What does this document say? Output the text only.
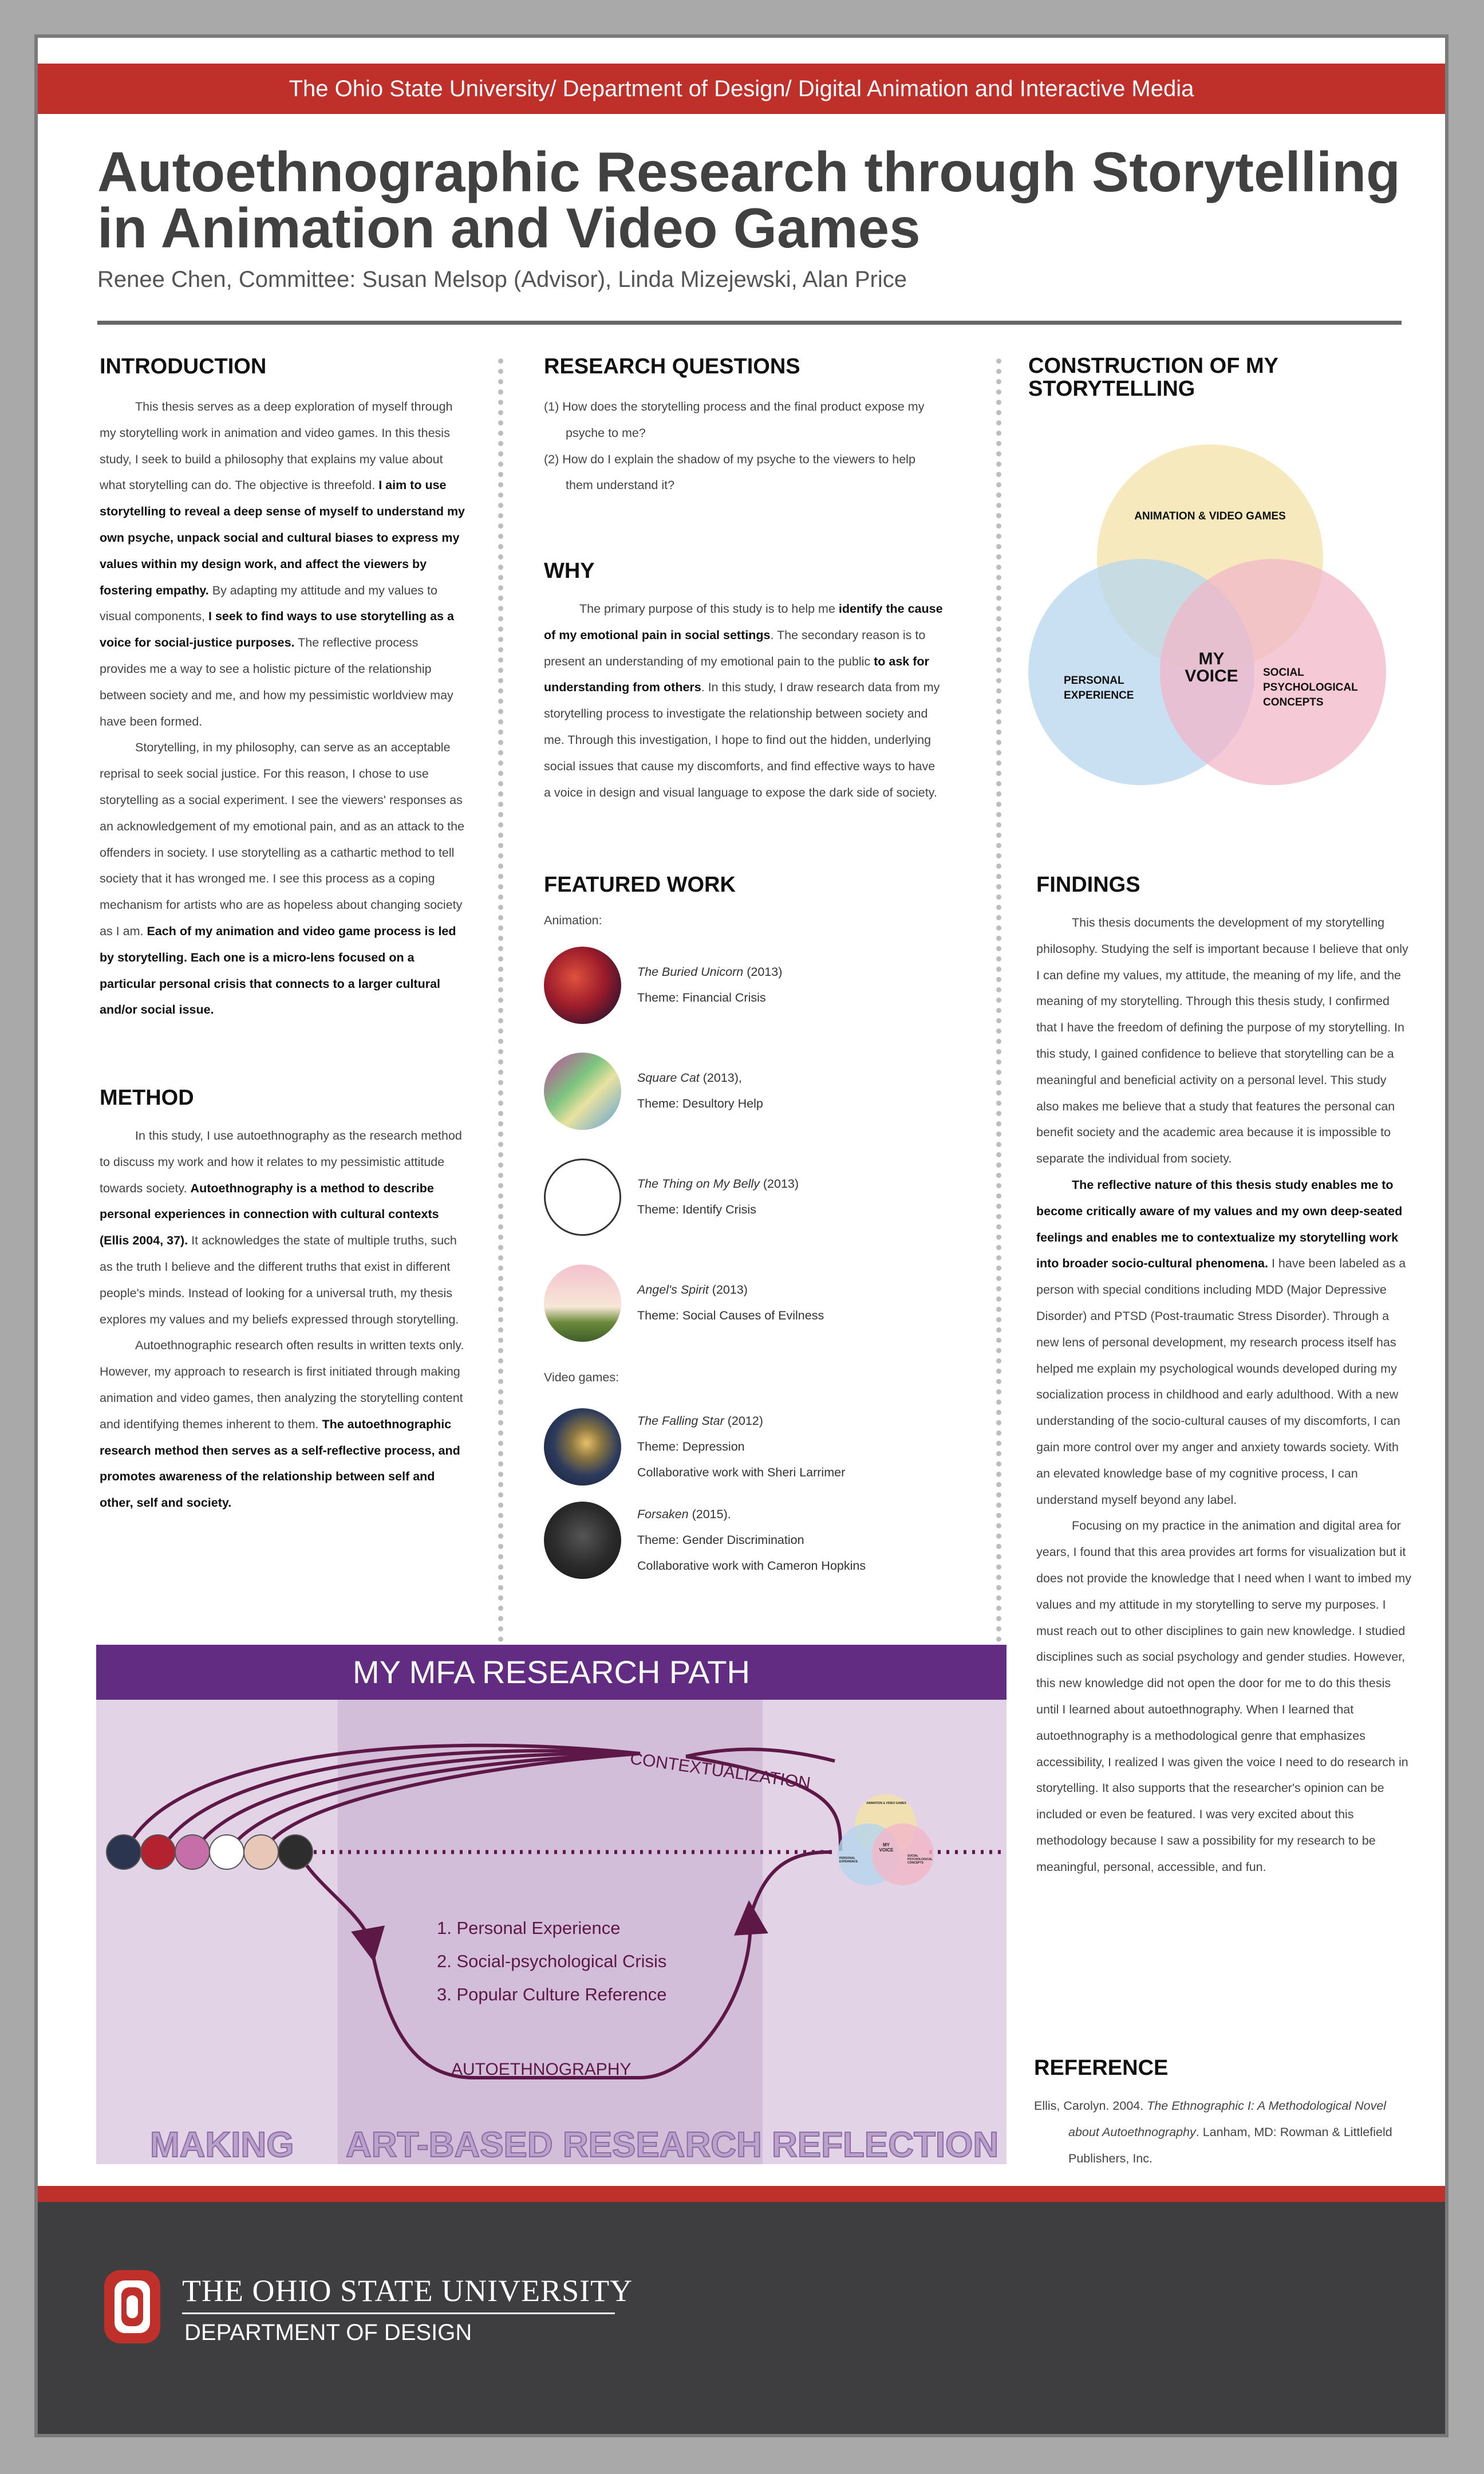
The Ohio State University/ Department of Design/ Digital Animation and Interactive Media
Autoethnographic Research through Storytelling
in Animation and Video Games
Renee Chen, Committee: Susan Melsop (Advisor), Linda Mizejewski, Alan Price
INTRODUCTION

This thesis serves as a deep exploration of myself through my storytelling work in animation and video games. In this thesis study, I seek to build a philosophy that explains my value about what storytelling can do. The objective is threefold. I aim to use storytelling to reveal a deep sense of myself to understand my own psyche, unpack social and cultural biases to express my values within my design work, and affect the viewers by fostering empathy. By adapting my attitude and my values to visual components, I seek to find ways to use storytelling as a voice for social-justice purposes. The reflective process provides me a way to see a holistic picture of the relationship between society and me, and how my pessimistic worldview may have been formed.

Storytelling, in my philosophy, can serve as an acceptable reprisal to seek social justice. For this reason, I chose to use storytelling as a social experiment. I see the viewers' responses as an acknowledgement of my emotional pain, and as an attack to the offenders in society. I use storytelling as a cathartic method to tell society that it has wronged me. I see this process as a coping mechanism for artists who are as hopeless about changing society as I am. Each of my animation and video game process is led by storytelling. Each one is a micro-lens focused on a particular personal crisis that connects to a larger cultural and/or social issue.

METHOD

In this study, I use autoethnography as the research method to discuss my work and how it relates to my pessimistic attitude towards society. Autoethnography is a method to describe personal experiences in connection with cultural contexts (Ellis 2004, 37). It acknowledges the state of multiple truths, such as the truth I believe and the different truths that exist in different people's minds. Instead of looking for a universal truth, my thesis explores my values and my beliefs expressed through storytelling.

Autoethnographic research often results in written texts only. However, my approach to research is first initiated through making animation and video games, then analyzing the storytelling content and identifying themes inherent to them. The autoethnographic research method then serves as a self-reflective process, and promotes awareness of the relationship between self and other, self and society.

RESEARCH QUESTIONS

(1) How does the storytelling process and the final product expose my psyche to me?

(2) How do I explain the shadow of my psyche to the viewers to help them understand it?

WHY

The primary purpose of this study is to help me identify the cause of my emotional pain in social settings. The secondary reason is to present an understanding of my emotional pain to the public to ask for understanding from others. In this study, I draw research data from my storytelling process to investigate the relationship between society and me. Through this investigation, I hope to find out the hidden, underlying social issues that cause my discomforts, and find effective ways to have a voice in design and visual language to expose the dark side of society.

FEATURED WORK

Animation:

The Buried Unicorn (2013)
Theme: Financial Crisis
Square Cat (2013),
Theme: Desultory Help
The Thing on My Belly (2013)
Theme: Identify Crisis
Angel's Spirit (2013)
Theme: Social Causes of Evilness

Video games:

The Falling Star (2012)
Theme: Depression
Collaborative work with Sheri Larrimer
Forsaken (2015).
Theme: Gender Discrimination
Collaborative work with Cameron Hopkins
CONSTRUCTION OF MY
STORYTELLING
ANIMATION & VIDEO GAMES
PERSONAL
EXPERIENCE
SOCIAL
PSYCHOLOGICAL
CONCEPTS
MY
VOICE
FINDINGS

This thesis documents the development of my storytelling philosophy. Studying the self is important because I believe that only I can define my values, my attitude, the meaning of my life, and the meaning of my storytelling. Through this thesis study, I confirmed that I have the freedom of defining the purpose of my storytelling. In this study, I gained confidence to believe that storytelling can be a meaningful and beneficial activity on a personal level. This study also makes me believe that a study that features the personal can benefit society and the academic area because it is impossible to separate the individual from society.

The reflective nature of this thesis study enables me to become critically aware of my values and my own deep-seated feelings and enables me to contextualize my storytelling work into broader socio-cultural phenomena. I have been labeled as a person with special conditions including MDD (Major Depressive Disorder) and PTSD (Post-traumatic Stress Disorder). Through a new lens of personal development, my research process itself has helped me explain my psychological wounds developed during my socialization process in childhood and early adulthood. With a new understanding of the socio-cultural causes of my discomforts, I can gain more control over my anger and anxiety towards society. With an elevated knowledge base of my cognitive process, I can understand myself beyond any label.

Focusing on my practice in the animation and digital area for years, I found that this area provides art forms for visualization but it does not provide the knowledge that I need when I want to imbed my values and my attitude in my storytelling to serve my purposes. I must reach out to other disciplines to gain new knowledge. I studied disciplines such as social psychology and gender studies. However, this new knowledge did not open the door for me to do this thesis until I learned about autoethnography. When I learned that autoethnography is a methodological genre that emphasizes accessibility, I realized I was given the voice I need to do research in storytelling. It also supports that the researcher's opinion can be included or even be featured. I was very excited about this methodology because I saw a possibility for my research to be meaningful, personal, accessible, and fun.

REFERENCE

Ellis, Carolyn. 2004. The Ethnographic I: A Methodological Novel about Autoethnography. Lanham, MD: Rowman & Littlefield Publishers, Inc.

MY MFA RESEARCH PATH
CONTEXTUALIZATION
AUTOETHNOGRAPHY
1. Personal Experience
2. Social-psychological Crisis
3. Popular Culture Reference
ANIMATION & VIDEO GAMES
PERSONAL EXPERIENCE
SOCIAL PSYCHOLOGICAL CONCEPTS
MY VOICE
MAKING ART-BASED RESEARCH REFLECTION
THE OHIO STATE UNIVERSITY
DEPARTMENT OF DESIGN
